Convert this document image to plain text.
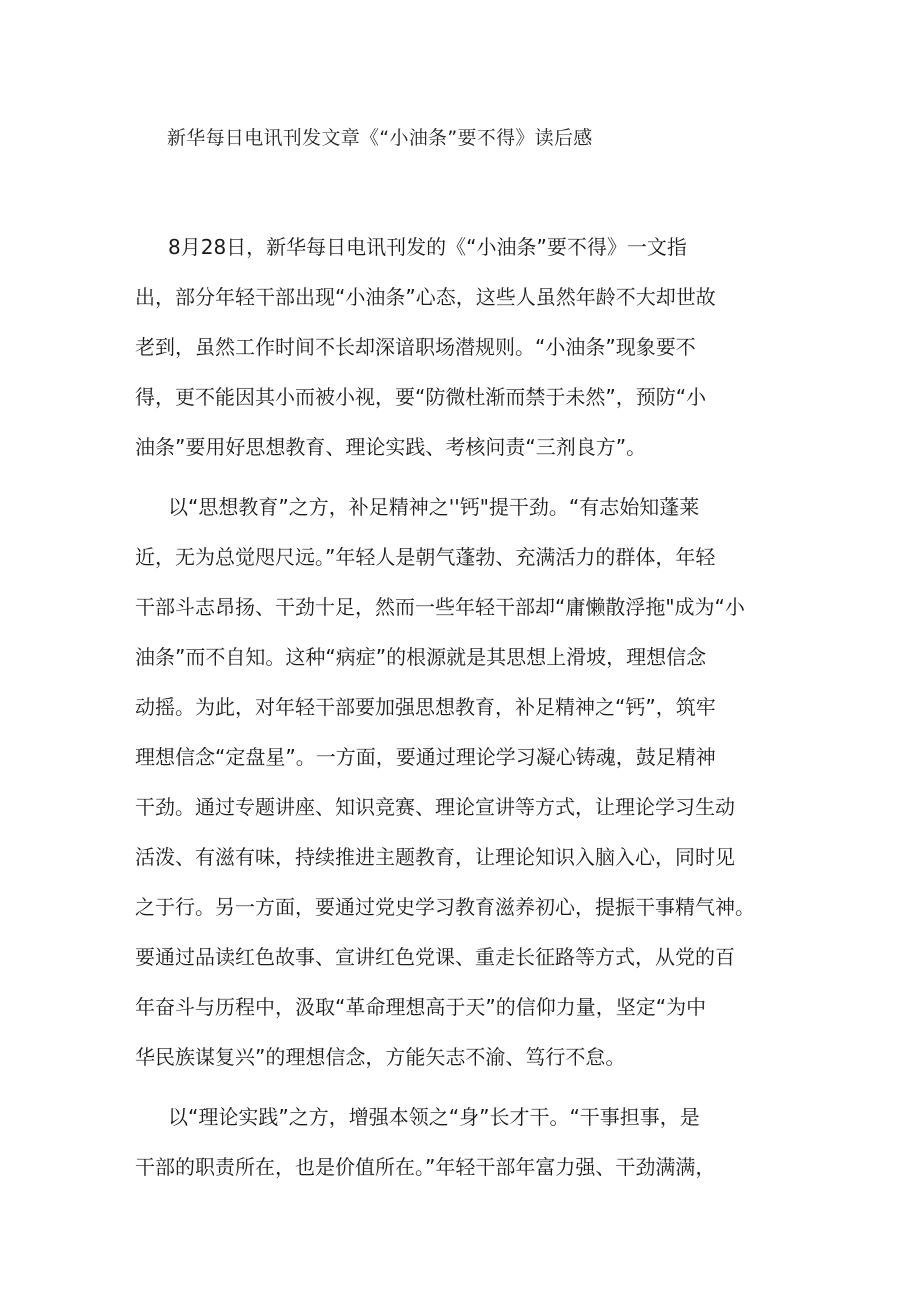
新华每日电讯刊发文章《“小油条”要不得》读后感
8月28日，新华每日电讯刊发的《“小油条”要不得》一文指
出，部分年轻干部出现“小油条”心态，这些人虽然年龄不大却世故
老到，虽然工作时间不长却深谙职场潜规则。“小油条”现象要不
得，更不能因其小而被小视，要“防微杜渐而禁于未然”，预防“小
油条”要用好思想教育、理论实践、考核问责“三剂良方”。
以“思想教育”之方，补足精神之''钙"提干劲。“有志始知蓬莱
近，无为总觉咫尺远。”年轻人是朝气蓬勃、充满活力的群体，年轻
干部斗志昂扬、干劲十足，然而一些年轻干部却“庸懒散浮拖"成为“小
油条”而不自知。这种“病症”的根源就是其思想上滑坡，理想信念
动摇。为此，对年轻干部要加强思想教育，补足精神之“钙”，筑牢
理想信念“定盘星”。一方面，要通过理论学习凝心铸魂，鼓足精神
干劲。通过专题讲座、知识竞赛、理论宣讲等方式，让理论学习生动
活泼、有滋有味，持续推进主题教育，让理论知识入脑入心，同时见
之于行。另一方面，要通过党史学习教育滋养初心，提振干事精气神。
要通过品读红色故事、宣讲红色党课、重走长征路等方式，从党的百
年奋斗与历程中，汲取“革命理想高于天”的信仰力量，坚定“为中
华民族谋复兴”的理想信念，方能矢志不渝、笃行不怠。
以“理论实践”之方，增强本领之“身”长才干。“干事担事，是
干部的职责所在，也是价值所在。”年轻干部年富力强、干劲满满，
